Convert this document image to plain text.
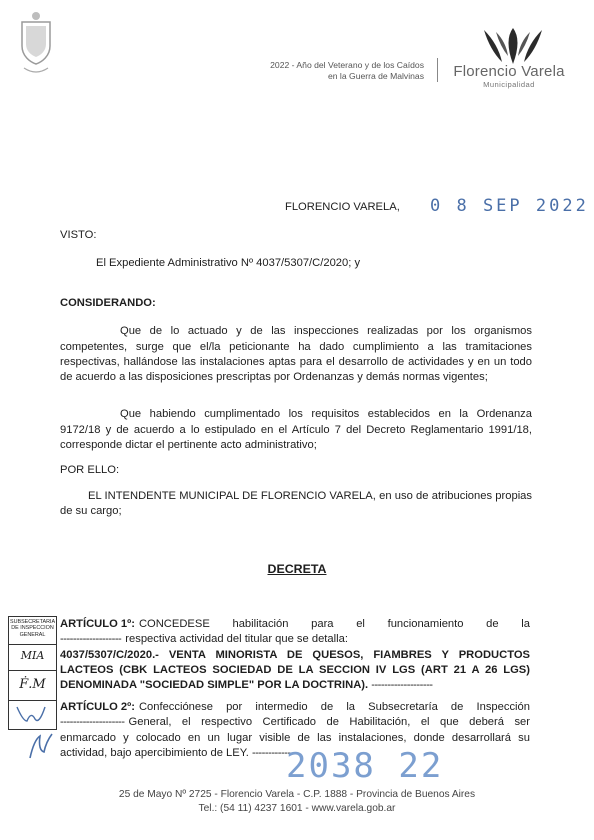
2022 - Año del Veterano y de los Caídos
en la Guerra de Malvinas Florencio Varela
Municipalidad
FLORENCIO VARELA, 0 8 SEP 2022
VISTO:
El Expediente Administrativo Nº 4037/5307/C/2020; y
CONSIDERANDO:
Que de lo actuado y de las inspecciones realizadas por los organismos
competentes, surge que el/la peticionante ha dado cumplimiento a las tramitaciones respectivas, hallándose las instalaciones aptas para el desarrollo de actividades y en un todo de acuerdo a las disposiciones prescriptas por Ordenanzas y demás normas vigentes;
Que habiendo cumplimentado los requisitos establecidos en la Ordenanza
9172/18 y de acuerdo a lo estipulado en el Artículo 7 del Decreto Reglamentario 1991/18, corresponde dictar el pertinente acto administrativo;
POR ELLO:
EL INTENDENTE MUNICIPAL DE FLORENCIO VARELA, en uso de atribuciones propias de su cargo;
DECRETA
SUBSECRETARIA DE INSPECCION GENERAL
MIA
Ḟ.M
ARTÍCULO 1º: CONCEDESE habilitación para el funcionamiento de la
------------------- respectiva actividad del titular que se detalla:
4037/5307/C/2020.- VENTA MINORISTA DE QUESOS, FIAMBRES Y PRODUCTOS LACTEOS (CBK LACTEOS SOCIEDAD DE LA SECCION IV LGS (ART 21 A 26 LGS) DENOMINADA "SOCIEDAD SIMPLE" POR LA DOCTRINA). -------------------
ARTÍCULO 2º: Confecciónese por intermedio de la Subsecretaría de Inspección
-------------------- General, el respectivo Certificado de Habilitación, el que deberá ser
enmarcado y colocado en un lugar visible de las instalaciones, donde desarrollará su actividad, bajo apercibimiento de LEY. ------------
2038 22
25 de Mayo Nº 2725 - Florencio Varela - C.P. 1888 - Provincia de Buenos Aires
Tel.: (54 11) 4237 1601 - www.varela.gob.ar
